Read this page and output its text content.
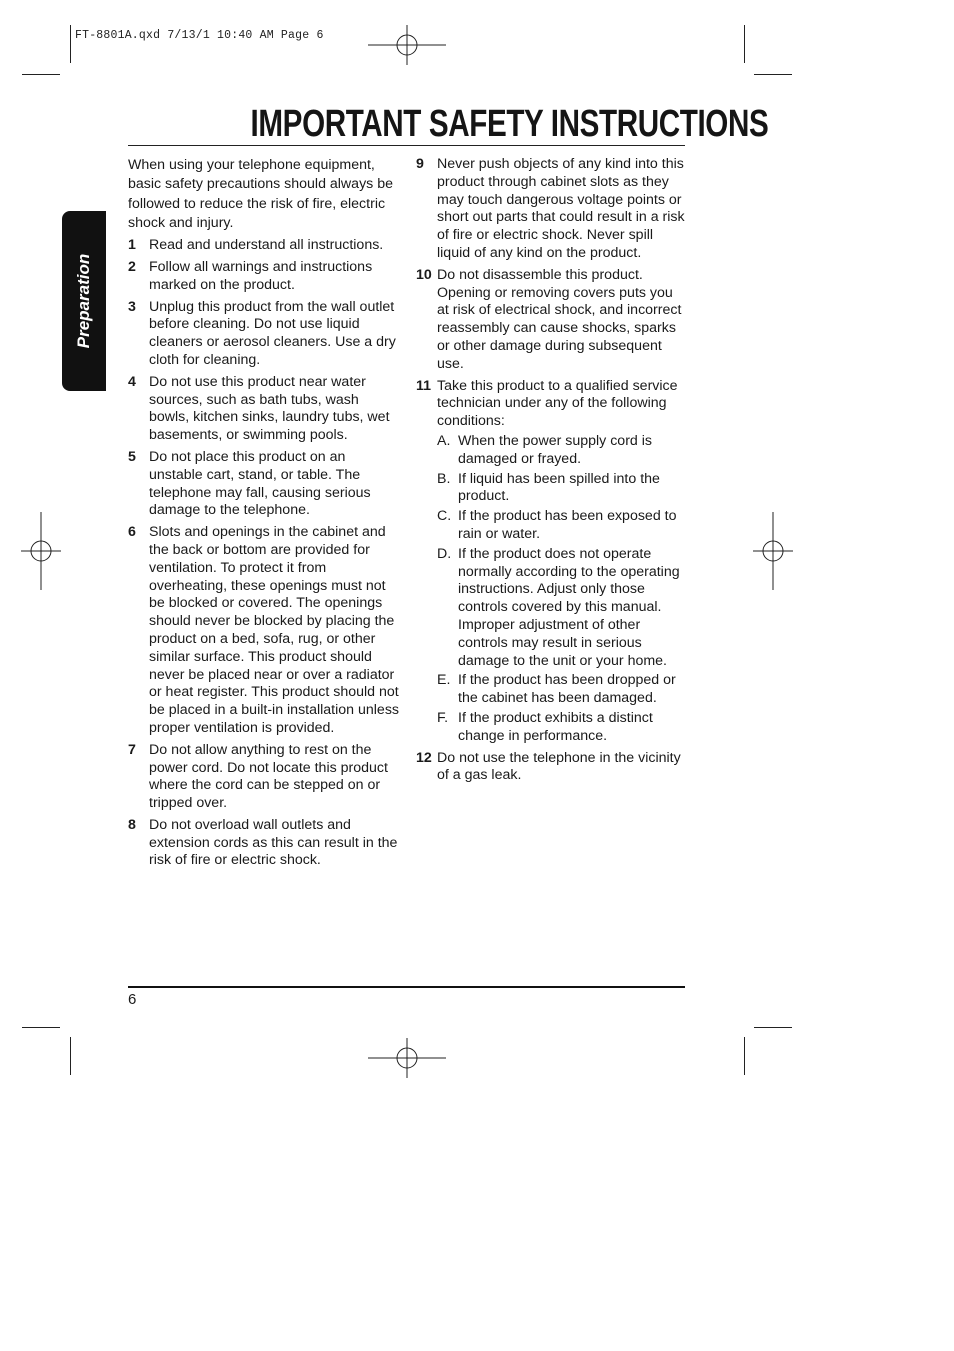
FT-8801A.qxd 7/13/1 10:40 AM Page 6
IMPORTANT SAFETY INSTRUCTIONS
Preparation

When using your telephone equipment, basic safety precautions should always be followed to reduce the risk of fire, electric shock and injury.

1 Read and understand all instructions.
2 Follow all warnings and instructions marked on the product.
3 Unplug this product from the wall outlet before cleaning. Do not use liquid cleaners or aerosol cleaners. Use a dry cloth for cleaning.
4 Do not use this product near water sources, such as bath tubs, wash bowls, kitchen sinks, laundry tubs, wet basements, or swimming pools.
5 Do not place this product on an unstable cart, stand, or table. The telephone may fall, causing serious damage to the telephone.
6 Slots and openings in the cabinet and the back or bottom are provided for ventilation. To protect it from overheating, these openings must not be blocked or covered. The openings should never be blocked by placing the product on a bed, sofa, rug, or other similar surface. This product should never be placed near or over a radiator or heat register. This product should not be placed in a built-in installation unless proper ventilation is provided.
7 Do not allow anything to rest on the power cord. Do not locate this product where the cord can be stepped on or tripped over.
8 Do not overload wall outlets and extension cords as this can result in the risk of fire or electric shock.
9 Never push objects of any kind into this product through cabinet slots as they may touch dangerous voltage points or short out parts that could result in a risk of fire or electric shock. Never spill liquid of any kind on the product.
10 Do not disassemble this product. Opening or removing covers puts you at risk of electrical shock, and incorrect reassembly can cause shocks, sparks or other damage during subsequent use.
11 Take this product to a qualified service technician under any of the following conditions:
A. When the power supply cord is damaged or frayed.
B. If liquid has been spilled into the product.
C. If the product has been exposed to rain or water.
D. If the product does not operate normally according to the operating instructions. Adjust only those controls covered by this manual. Improper adjustment of other controls may result in serious damage to the unit or your home.
E. If the product has been dropped or the cabinet has been damaged.
F. If the product exhibits a distinct change in performance.
12 Do not use the telephone in the vicinity of a gas leak.
6
